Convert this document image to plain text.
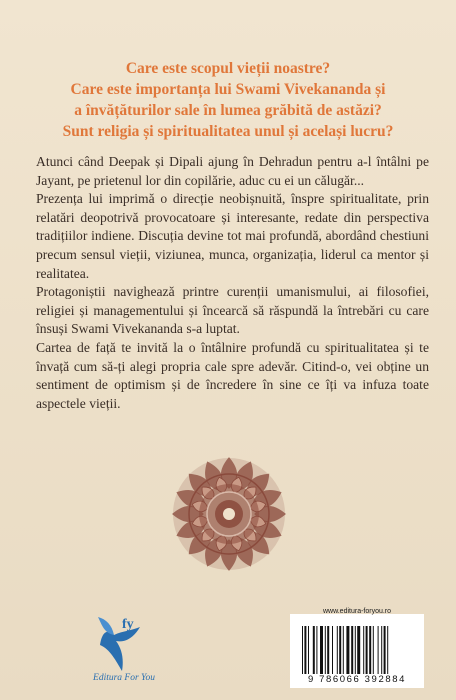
Care este scopul vieții noastre?
Care este importanța lui Swami Vivekananda și
a învățăturilor sale în lumea grăbită de astăzi?
Sunt religia și spiritualitatea unul și același lucru?

Atunci când Deepak și Dipali ajung în Dehradun pentru a-l întâlni pe Jayant, pe prietenul lor din copilărie, aduc cu ei un călugăr...

Prezența lui imprimă o direcție neobișnuită, înspre spiritualitate, prin relatări deopotrivă provocatoare și interesante, redate din perspectiva tradițiilor indiene. Discuția devine tot mai profundă, abordând chestiuni precum sensul vieții, viziunea, munca, organizația, liderul ca mentor și realitatea.

Protagoniștii navighează printre curenții umanismului, ai filosofiei, religiei și managementului și încearcă să răspundă la întrebări cu care însuși Swami Vivekananda s-a luptat.

Cartea de față te invită la o întâlnire profundă cu spiritualitatea și te învață cum să-ți alegi propria cale spre adevăr. Citind-o, vei obține un sentiment de optimism și de încredere în sine ce îți va infuza toate aspectele vieții.

fy
Editura For You
www.editura-foryou.ro
9 786066 392884
